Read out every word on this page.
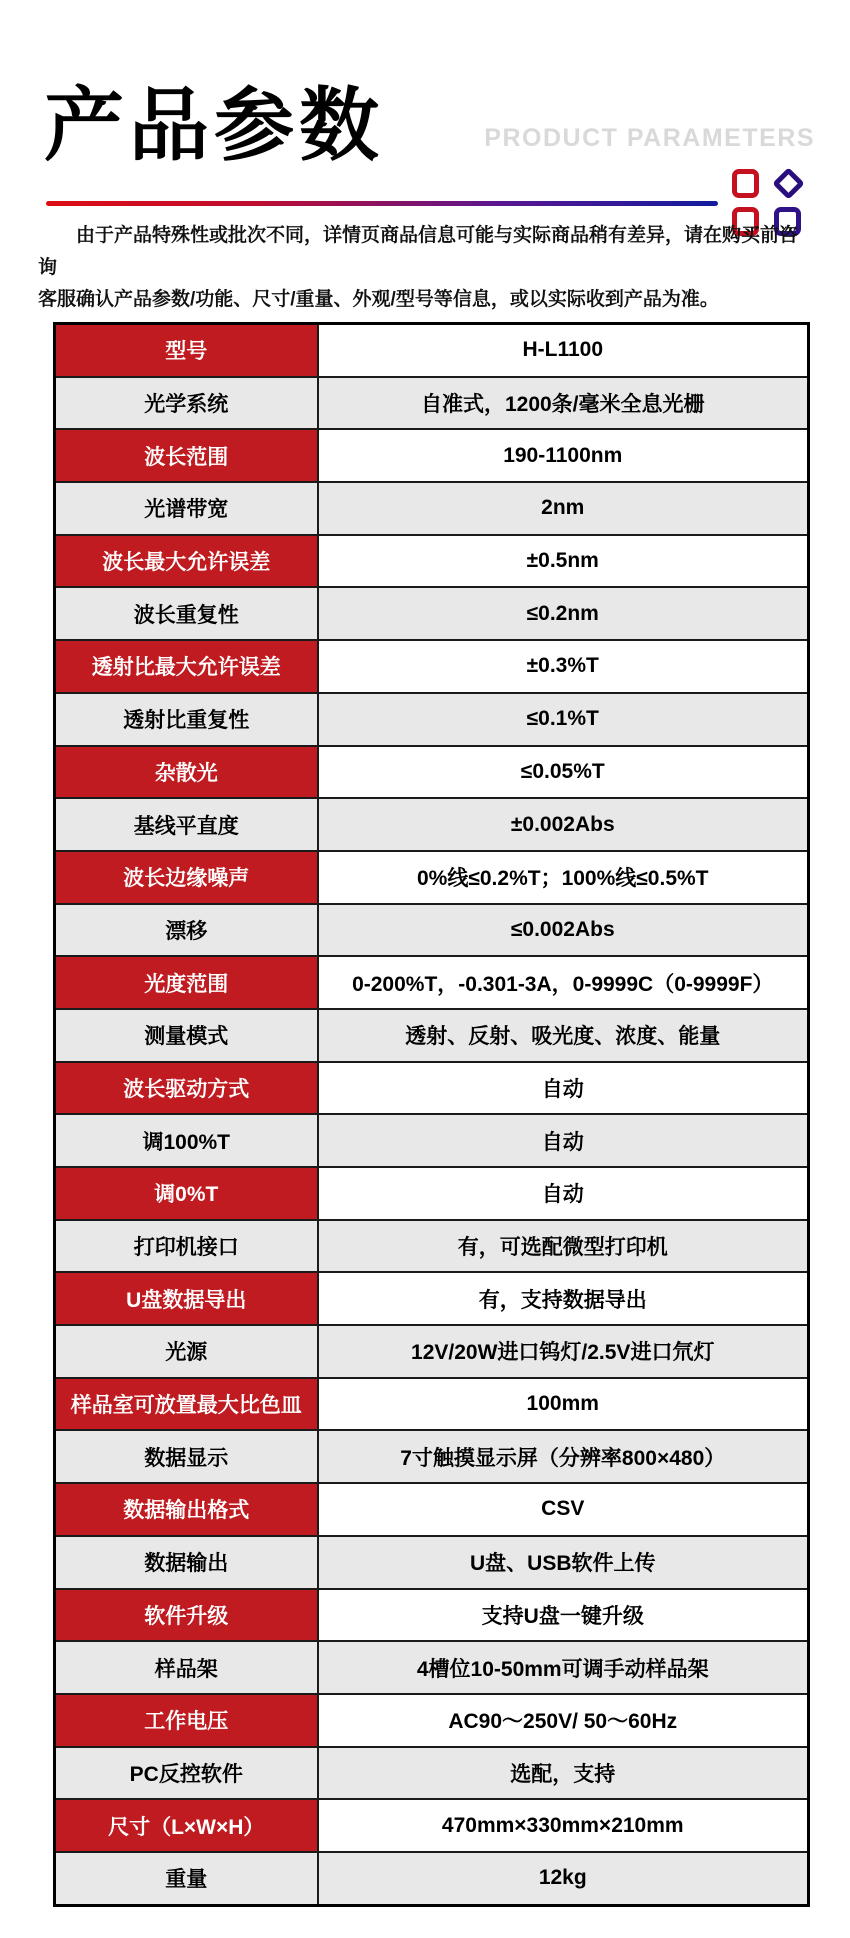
产品参数	PRODUCT PARAMETERS
由于产品特殊性或批次不同，详情页商品信息可能与实际商品稍有差异，请在购买前咨询
客服确认产品参数/功能、尺寸/重量、外观/型号等信息，或以实际收到产品为准。
型号	H-L1100
光学系统	自准式，1200条/毫米全息光栅
波长范围	190-1100nm
光谱带宽	2nm
波长最大允许误差	±0.5nm
波长重复性	≤0.2nm
透射比最大允许误差	±0.3%T
透射比重复性	≤0.1%T
杂散光	≤0.05%T
基线平直度	±0.002Abs
波长边缘噪声	0%线≤0.2%T；100%线≤0.5%T
漂移	≤0.002Abs
光度范围	0-200%T，-0.301-3A，0-9999C（0-9999F）
测量模式	透射、反射、吸光度、浓度、能量
波长驱动方式	自动
调100%T	自动
调0%T	自动
打印机接口	有，可选配微型打印机
U盘数据导出	有，支持数据导出
光源	12V/20W进口钨灯/2.5V进口氘灯
样品室可放置最大比色皿	100mm
数据显示	7寸触摸显示屏（分辨率800×480）
数据输出格式	CSV
数据输出	U盘、USB软件上传
软件升级	支持U盘一键升级
样品架	4槽位10-50mm可调手动样品架
工作电压	AC90～250V/ 50～60Hz
PC反控软件	选配，支持
尺寸（L×W×H）	470mm×330mm×210mm
重量	12kg
